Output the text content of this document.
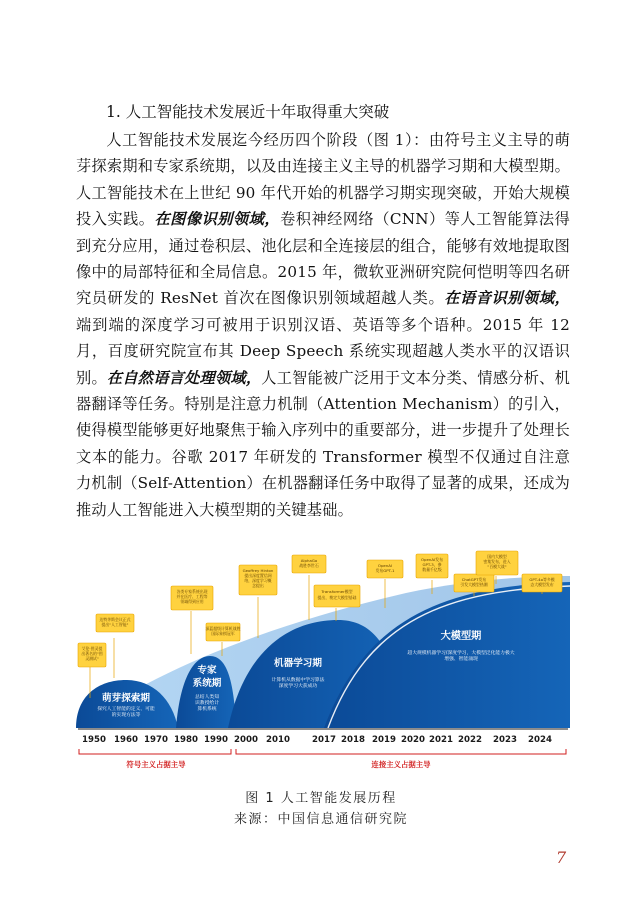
1. 人工智能技术发展近十年取得重大突破

人工智能技术发展迄今经历四个阶段（图 1）：由符号主义主导的萌芽探索期和专家系统期，以及由连接主义主导的机器学习期和大模型期。人工智能技术在上世纪 90 年代开始的机器学习期实现突破，开始大规模投入实践。在图像识别领域，卷积神经网络（CNN）等人工智能算法得到充分应用，通过卷积层、池化层和全连接层的组合，能够有效地提取图像中的局部特征和全局信息。2015 年，微软亚洲研究院何恺明等四名研究员研发的 ResNet 首次在图像识别领域超越人类。在语音识别领域，端到端的深度学习可被用于识别汉语、英语等多个语种。2015 年 12 月，百度研究院宣布其 Deep Speech 系统实现超越人类水平的汉语识别。在自然语言处理领域，人工智能被广泛用于文本分类、情感分析、机器翻译等任务。特别是注意力机制（Attention Mechanism）的引入，使得模型能够更好地聚焦于输入序列中的重要部分，进一步提升了处理长文本的能力。谷歌 2017 年研发的 Transformer 模型不仅通过自注意力机制（Self-Attention）在机器翻译任务中取得了显著的成果，还成为推动人工智能进入大模型期的关键基础。

萌芽探索期
探究人工智能的定义、可能
的实现方法等
专家
系统期
总结人类知
识教授给计
算机系统
机器学习期
计算机从数据中学习算法
深度学习大获成功
大模型期
超大规模机器学习/深度学习，大模型泛化能力极大
增强、智能涌现
达特茅斯会议正式
提出"人工智能"
艾伦·图灵提
出著名的"图
灵测试"
各类专家系统出现
并在医疗、工程等
领域得到应用
深蓝超级计算机战胜
国际象棋冠军
Geoffrey Hinton
提出深度置信网
络，深度学习概
念提出
AlphaGo
战胜李世石
Transformer模型
提出，奠定大模型基础
OpenAI
发布GPT-1
OpenAI发布
GPT-3，参
数量千亿级
ChatGPT发布
引发大模型热潮
国内大模型
密集发布，进入
"百模大战"
GPT-4o等多模
态大模型发布
1950 1960 1970 1980 1990 2000 2010	2017 2018 2019 2020 2021 2022 2023 2024
符号主义占据主导	连接主义占据主导

图 1 人工智能发展历程

来源：中国信息通信研究院

7
